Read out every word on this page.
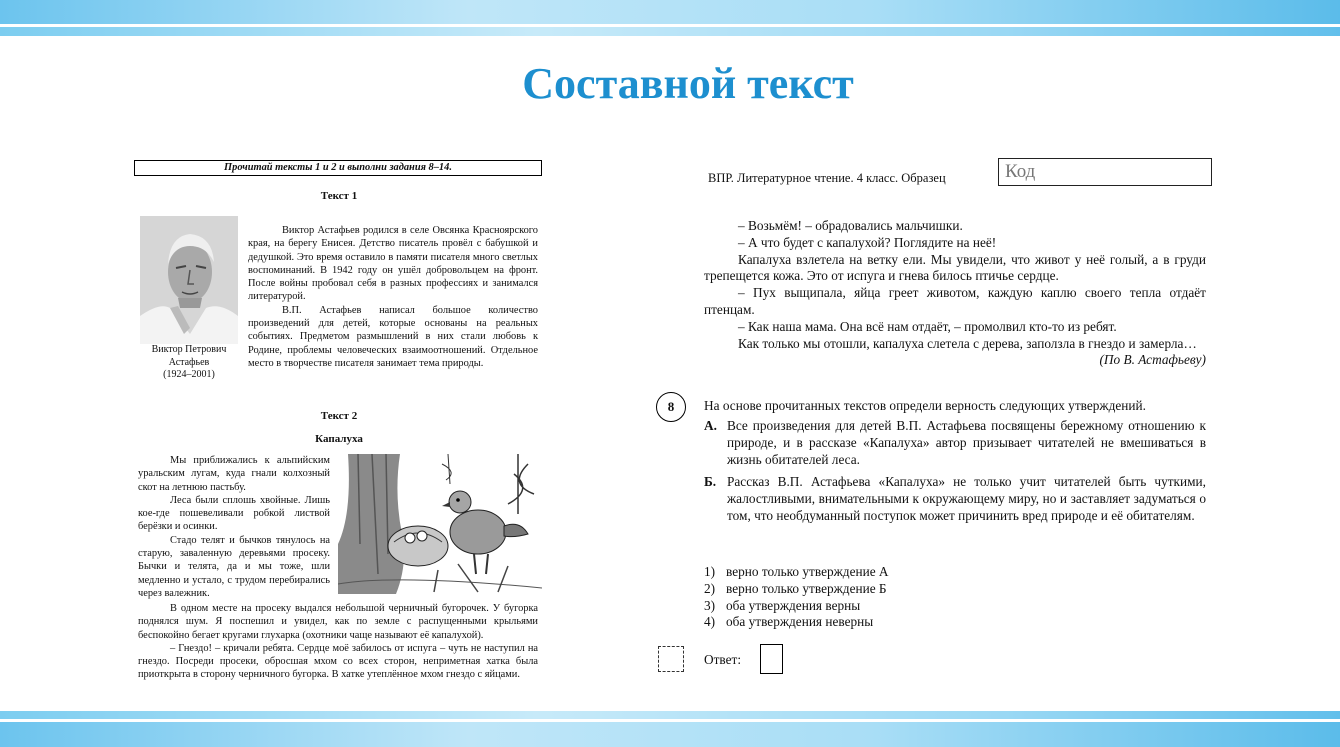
Составной текст
Прочитай тексты 1 и 2 и выполни задания 8–14.
Текст 1
Виктор Петрович
Астафьев
(1924–2001)

Виктор Астафьев родился в селе Овсянка Красноярского края, на берегу Енисея. Детство писатель провёл с бабушкой и дедушкой. Это время оставило в памяти писателя много светлых воспоминаний. В 1942 году он ушёл добровольцем на фронт. После войны пробовал себя в разных профессиях и занимался литературой.

В.П. Астафьев написал большое количество произведений для детей, которые основаны на реальных событиях. Предметом размышлений в них стали любовь к Родине, проблемы человеческих взаимоотношений. Отдельное место в творчестве писателя занимает тема природы.

Текст 2
Капалуха

Мы приближались к альпийским уральским лугам, куда гнали колхозный скот на летнюю пастьбу.

Леса были сплошь хвойные. Лишь кое-где пошевеливали робкой листвой берёзки и осинки.

Стадо телят и бычков тянулось на старую, заваленную деревьями просеку. Бычки и телята, да и мы тоже, шли медленно и устало, с трудом перебирались через валежник.

В одном месте на просеку выдался небольшой черничный бугорочек. У бугорка поднялся шум. Я поспешил и увидел, как по земле с распущенными крыльями беспокойно бегает кругами глухарка (охотники чаще называют её капалухой).

– Гнездо! – кричали ребята. Сердце моё забилось от испуга – чуть не наступил на гнездо. Посреди просеки, обросшая мхом со всех сторон, неприметная хатка была приоткрыта в сторону черничного бугорка. В хатке утеплённое мхом гнездо с яйцами.

ВПР. Литературное чтение. 4 класс. Образец	Код

– Возьмём! – обрадовались мальчишки.

– А что будет с капалухой? Поглядите на неё!

Капалуха взлетела на ветку ели. Мы увидели, что живот у неё голый, а в груди трепещется кожа. Это от испуга и гнева билось птичье сердце.

– Пух выщипала, яйца греет животом, каждую каплю своего тепла отдаёт птенцам.

– Как наша мама. Она всё нам отдаёт, – промолвил кто-то из ребят.

Как только мы отошли, капалуха слетела с дерева, заползла в гнездо и замерла…

(По В. Астафьеву)

8	На основе прочитанных текстов определи верность следующих утверждений.
А. Все произведения для детей В.П. Астафьева посвящены бережному отношению к природе, и в рассказе «Капалуха» автор призывает читателей не вмешиваться в жизнь обитателей леса.
Б. Рассказ В.П. Астафьева «Капалуха» не только учит читателей быть чуткими, жалостливыми, внимательными к окружающему миру, но и заставляет задуматься о том, что необдуманный поступок может причинить вред природе и её обитателям.
1) верно только утверждение А
2) верно только утверждение Б
3) оба утверждения верны
4) оба утверждения неверны
Ответ:
